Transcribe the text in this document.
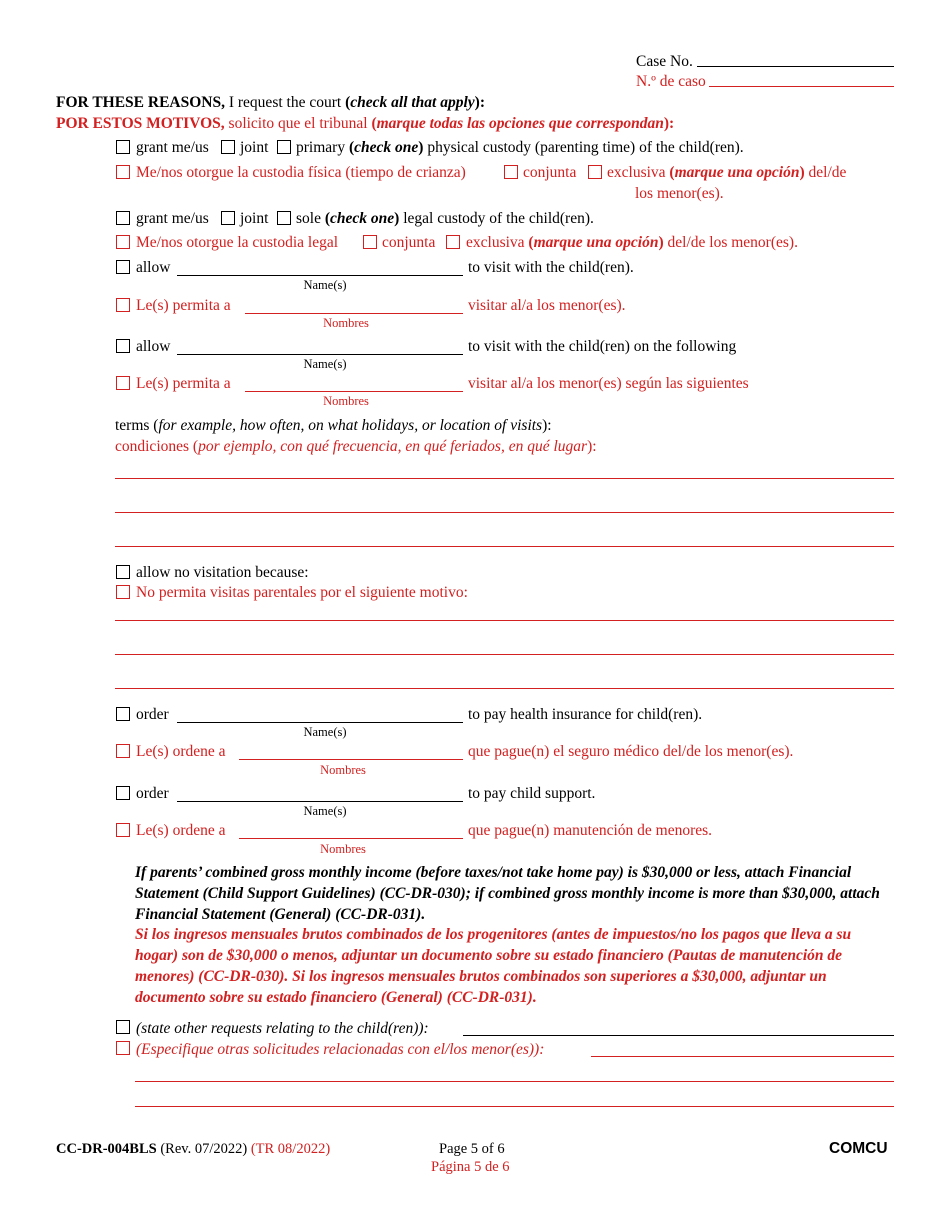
Case No.
N.º de caso
FOR THESE REASONS, I request the court (check all that apply):
POR ESTOS MOTIVOS, solicito que el tribunal (marque todas las opciones que correspondan):
grant me/us joint primary (check one) physical custody (parenting time) of the child(ren).
Me/nos otorgue la custodia física (tiempo de crianza)	conjunta exclusiva (marque una opción) del/de
los menor(es).
grant me/us joint sole (check one) legal custody of the child(ren).
Me/nos otorgue la custodia legal	conjunta exclusiva (marque una opción) del/de los menor(es).
allow	to visit with the child(ren).
Name(s)
Le(s) permita a	visitar al/a los menor(es).
Nombres
allow	to visit with the child(ren) on the following
Name(s)
Le(s) permita a	visitar al/a los menor(es) según las siguientes
Nombres
terms (for example, how often, on what holidays, or location of visits):
condiciones (por ejemplo, con qué frecuencia, en qué feriados, en qué lugar):
allow no visitation because:
No permita visitas parentales por el siguiente motivo:
order	to pay health insurance for child(ren).
Name(s)
Le(s) ordene a	que pague(n) el seguro médico del/de los menor(es).
Nombres
order	to pay child support.
Name(s)
Le(s) ordene a	que pague(n) manutención de menores.
Nombres
If parents’ combined gross monthly income (before taxes/not take home pay) is $30,000 or less, attach Financial Statement (Child Support Guidelines) (CC-DR-030); if combined gross monthly income is more than $30,000, attach Financial Statement (General) (CC-DR-031).
Si los ingresos mensuales brutos combinados de los progenitores (antes de impuestos/no los pagos que lleva a su hogar) son de $30,000 o menos, adjuntar un documento sobre su estado financiero (Pautas de manutención de menores) (CC-DR-030). Si los ingresos mensuales brutos combinados son superiores a $30,000, adjuntar un documento sobre su estado financiero (General) (CC-DR-031).
(state other requests relating to the child(ren)):
(Especifique otras solicitudes relacionadas con el/los menor(es)):
CC-DR-004BLS (Rev. 07/2022) (TR 08/2022)	Page 5 of 6
Página 5 de 6
COMCU
